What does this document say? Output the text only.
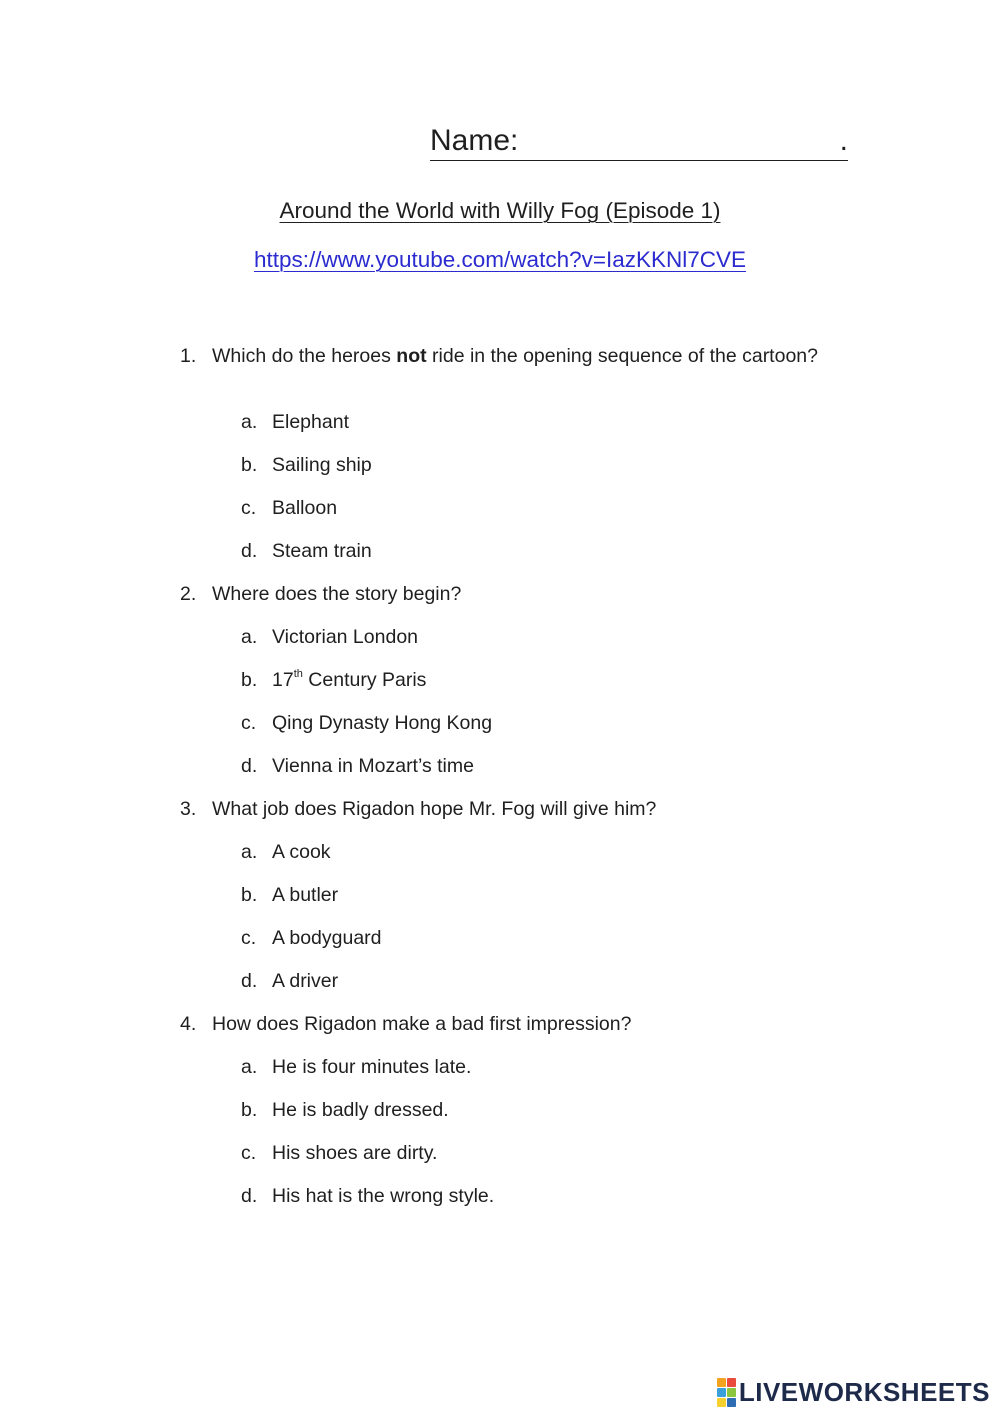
Name:	.
Around the World with Willy Fog (Episode 1)
https://www.youtube.com/watch?v=IazKKNl7CVE
1. Which do the heroes not ride in the opening sequence of the cartoon?
a. Elephant
b. Sailing ship
c. Balloon
d. Steam train
2. Where does the story begin?
a. Victorian London
b. 17th Century Paris
c. Qing Dynasty Hong Kong
d. Vienna in Mozart’s time
3. What job does Rigadon hope Mr. Fog will give him?
a. A cook
b. A butler
c. A bodyguard
d. A driver
4. How does Rigadon make a bad first impression?
a. He is four minutes late.
b. He is badly dressed.
c. His shoes are dirty.
d. His hat is the wrong style.
LIVEWORKSHEETS
